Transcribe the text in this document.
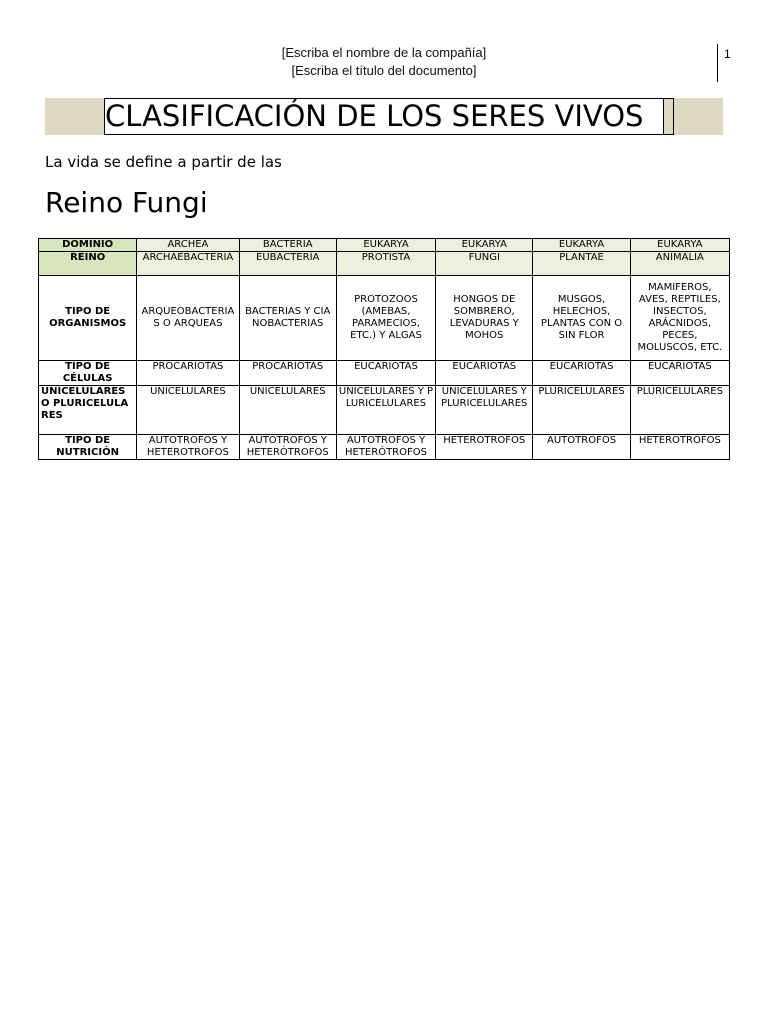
[Escriba el nombre de la compañía]
[Escriba el título del documento]
1
CLASIFICACIÓN DE LOS SERES VIVOS
La vida se define a partir de las
Reino Fungi
DOMINIO	ARCHEA	BACTERIA	EUKARYA	EUKARYA	EUKARYA	EUKARYA
REINO	ARCHAEBACTERIA	EUBACTERIA	PROTISTA	FUNGI	PLANTAE	ANIMALIA
TIPO DE ORGANISMOS	ARQUEOBACTERIAS O ARQUEAS	BACTERIAS Y CIANOBACTERIAS	PROTOZOOS (AMEBAS, PARAMECIOS, ETC.) Y ALGAS	HONGOS DE SOMBRERO, LEVADURAS Y MOHOS	MUSGOS, HELECHOS, PLANTAS CON O SIN FLOR	MAMIFEROS, AVES, REPTILES, INSECTOS, ARÁCNIDOS, PECES, MOLUSCOS, ETC.
TIPO DE CÉLULAS	PROCARIOTAS	PROCARIOTAS	EUCARIOTAS	EUCARIOTAS	EUCARIOTAS	EUCARIOTAS
UNICELULARES O PLURICELULARES	UNICELULARES	UNICELULARES	UNICELULARES Y PLURICELULARES	UNICELULARES Y PLURICELULARES	PLURICELULARES	PLURICELULARES
TIPO DE NUTRICIÓN	AUTOTROFOS Y HETEROTROFOS	AUTOTROFOS Y HETERÓTROFOS	AUTOTROFOS Y HETERÓTROFOS	HETEROTROFOS	AUTOTROFOS	HETEROTROFOS
